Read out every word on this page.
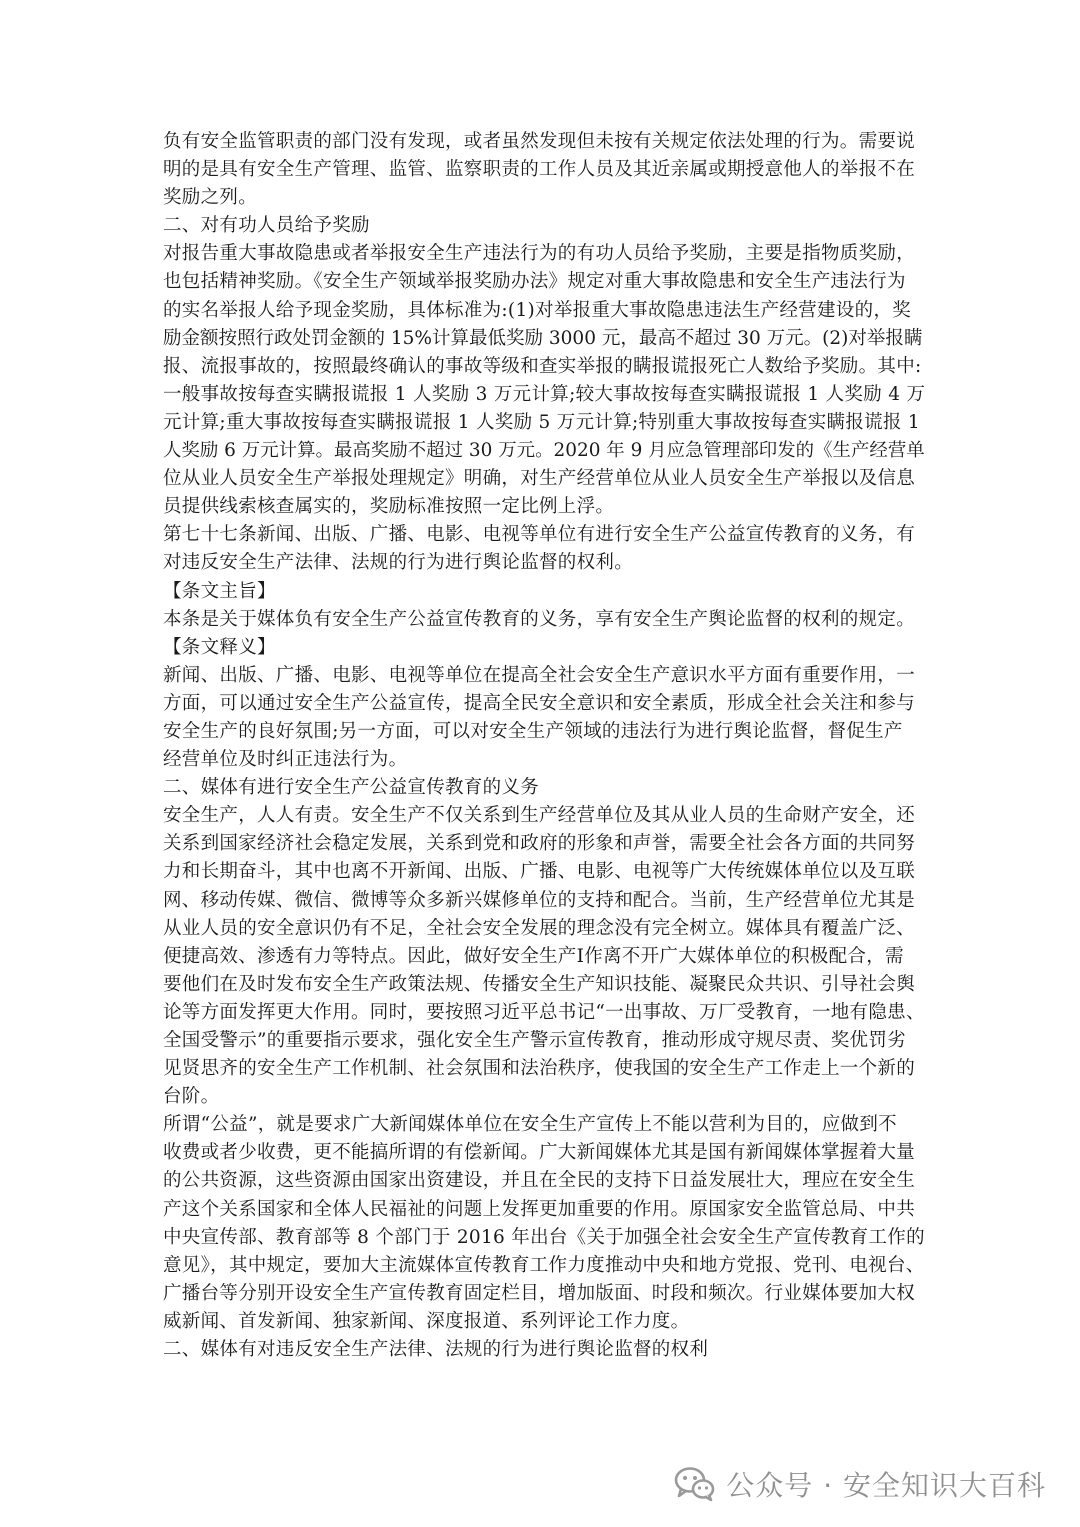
负有安全监管职责的部门没有发现，或者虽然发现但未按有关规定依法处理的行为。需要说
明的是具有安全生产管理、监管、监察职责的工作人员及其近亲属或期授意他人的举报不在
奖励之列。
二、对有功人员给予奖励
对报告重大事故隐患或者举报安全生产违法行为的有功人员给予奖励，主要是指物质奖励，
也包括精神奖励。《安全生产领域举报奖励办法》规定对重大事故隐患和安全生产违法行为
的实名举报人给予现金奖励，具体标准为:(1)对举报重大事故隐患违法生产经营建设的，奖
励金额按照行政处罚金额的 15%计算最低奖励 3000 元，最高不超过 30 万元。(2)对举报瞒
报、流报事故的，按照最终确认的事故等级和查实举报的瞒报谎报死亡人数给予奖励。其中:
一般事故按每查实瞒报谎报 1 人奖励 3 万元计算;较大事故按每查实瞒报谎报 1 人奖励 4 万
元计算;重大事故按每查实瞒报谎报 1 人奖励 5 万元计算;特别重大事故按每查实瞒报谎报 1
人奖励 6 万元计算。最高奖励不超过 30 万元。2020 年 9 月应急管理部印发的《生产经营单
位从业人员安全生产举报处理规定》明确，对生产经营单位从业人员安全生产举报以及信息
员提供线索核查属实的，奖励标准按照一定比例上浮。
第七十七条新闻、出版、广播、电影、电视等单位有进行安全生产公益宣传教育的义务，有
对违反安全生产法律、法规的行为进行舆论监督的权利。
【条文主旨】
本条是关于媒体负有安全生产公益宣传教育的义务，享有安全生产舆论监督的权利的规定。
【条文释义】
新闻、出版、广播、电影、电视等单位在提高全社会安全生产意识水平方面有重要作用，一
方面，可以通过安全生产公益宣传，提高全民安全意识和安全素质，形成全社会关注和参与
安全生产的良好氛围;另一方面，可以对安全生产领域的违法行为进行舆论监督，督促生产
经营单位及时纠正违法行为。
二、媒体有进行安全生产公益宣传教育的义务
安全生产，人人有责。安全生产不仅关系到生产经营单位及其从业人员的生命财产安全，还
关系到国家经济社会稳定发展，关系到党和政府的形象和声誉，需要全社会各方面的共同努
力和长期奋斗，其中也离不开新闻、出版、广播、电影、电视等广大传统媒体单位以及互联
网、移动传媒、微信、微博等众多新兴媒修单位的支持和配合。当前，生产经营单位尤其是
从业人员的安全意识仍有不足，全社会安全发展的理念没有完全树立。媒体具有覆盖广泛、
便捷高效、渗透有力等特点。因此，做好安全生产Ⅰ作离不开广大媒体单位的积极配合，需
要他们在及时发布安全生产政策法规、传播安全生产知识技能、凝聚民众共识、引导社会舆
论等方面发挥更大作用。同时，要按照习近平总书记“一出事故、万厂受教育，一地有隐患、
全国受警示”的重要指示要求，强化安全生产警示宣传教育，推动形成守规尽责、奖优罚劣
见贤思齐的安全生产工作机制、社会氛围和法治秩序，使我国的安全生产工作走上一个新的
台阶。
所谓“公益”，就是要求广大新闻媒体单位在安全生产宣传上不能以营利为目的，应做到不
收费或者少收费，更不能搞所谓的有偿新闻。广大新闻媒体尤其是国有新闻媒体掌握着大量
的公共资源，这些资源由国家出资建设，并且在全民的支持下日益发展壮大，理应在安全生
产这个关系国家和全体人民福祉的问题上发挥更加重要的作用。原国家安全监管总局、中共
中央宣传部、教育部等 8 个部门于 2016 年出台《关于加强全社会安全生产宣传教育工作的
意见》，其中规定，要加大主流媒体宣传教育工作力度推动中央和地方党报、党刊、电视台、
广播台等分别开设安全生产宣传教育固定栏目，增加版面、时段和频次。行业媒体要加大权
威新闻、首发新闻、独家新闻、深度报道、系列评论工作力度。
二、媒体有对违反安全生产法律、法规的行为进行舆论监督的权利
公众号 · 安全知识大百科
